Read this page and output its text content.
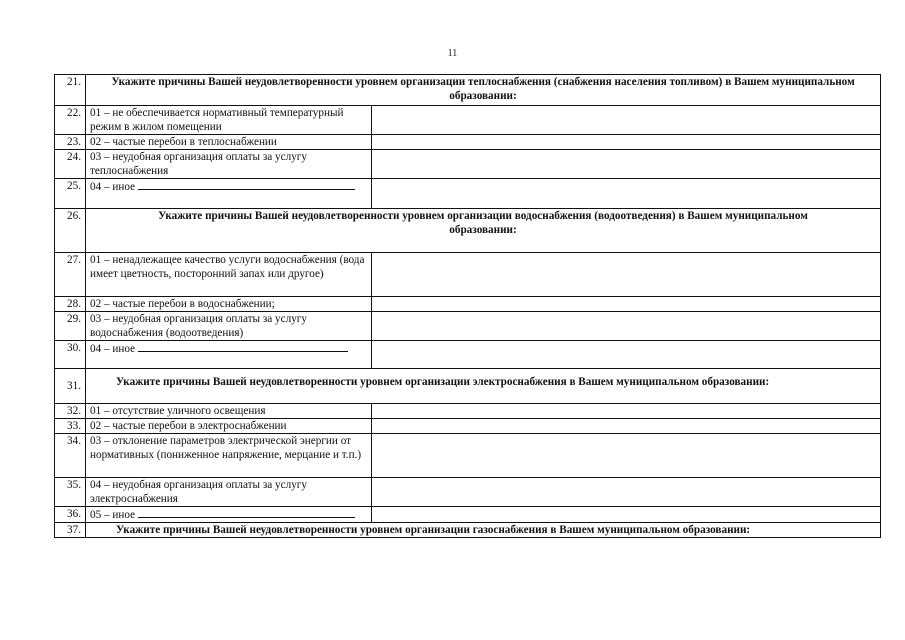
11
21.	Укажите причины Вашей неудовлетворенности уровнем организации теплоснабжения (снабжения населения топливом) в Вашем муниципальном образовании:	
22.	01 – не обеспечивается нормативный температурный режим в жилом помещении	
23.	02 – частые перебои в теплоснабжении	
24.	03 – неудобная организация оплаты за услугу теплоснабжения	
25.	04 – иное	
26.	Укажите причины Вашей неудовлетворенности уровнем организации водоснабжения (водоотведения) в Вашем муниципальном образовании:	
27.	01 – ненадлежащее качество услуги водоснабжения (вода имеет цветность, посторонний запах или другое)	
28.	02 – частые перебои в водоснабжении;	
29.	03 – неудобная организация оплаты за услугу водоснабжения (водоотведения)	
30.	04 – иное	
31.	Укажите причины Вашей неудовлетворенности уровнем организации электроснабжения в Вашем муниципальном образовании:	
32.	01 – отсутствие уличного освещения	
33.	02 – частые перебои в электроснабжении	
34.	03 – отклонение параметров электрической энергии от нормативных (пониженное напряжение, мерцание и т.п.)	
35.	04 – неудобная организация оплаты за услугу электроснабжения	
36.	05 – иное	
37.	Укажите причины Вашей неудовлетворенности уровнем организации газоснабжения в Вашем муниципальном образовании:	
